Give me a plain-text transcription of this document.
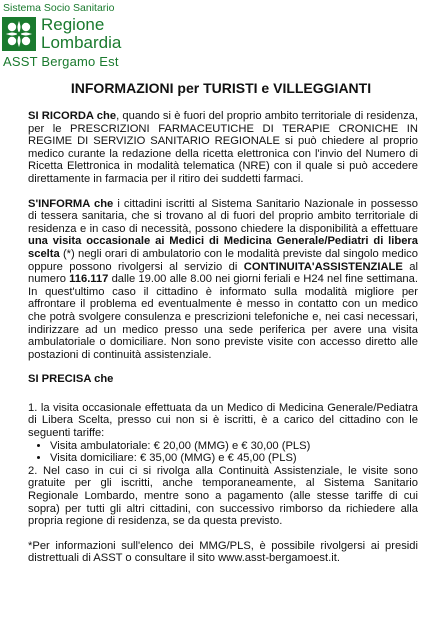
Sistema Socio Sanitario
Regione
Lombardia
ASST Bergamo Est
INFORMAZIONI per TURISTI e VILLEGGIANTI

SI RICORDA che, quando si è fuori del proprio ambito territoriale di residenza, per le PRESCRIZIONI FARMACEUTICHE DI TERAPIE CRONICHE IN REGIME DI SERVIZIO SANITARIO REGIONALE si può chiedere al proprio medico curante la redazione della ricetta elettronica con l'invio del Numero di Ricetta Elettronica in modalità telematica (NRE) con il quale si può accedere direttamente in farmacia per il ritiro dei suddetti farmaci.

S'INFORMA che i cittadini iscritti al Sistema Sanitario Nazionale in possesso di tessera sanitaria, che si trovano al di fuori del proprio ambito territoriale di residenza e in caso di necessità, possono chiedere la disponibilità a effettuare una visita occasionale ai Medici di Medicina Generale/Pediatri di libera scelta (*) negli orari di ambulatorio con le modalità previste dal singolo medico oppure possono rivolgersi al servizio di CONTINUITA'ASSISTENZIALE al numero 116.117 dalle 19.00 alle 8.00 nei giorni feriali e H24 nel fine settimana. In quest'ultimo caso il cittadino è informato sulla modalità migliore per affrontare il problema ed eventualmente è messo in contatto con un medico che potrà svolgere consulenza e prescrizioni telefoniche e, nei casi necessari, indirizzare ad un medico presso una sede periferica per avere una visita ambulatoriale o domiciliare. Non sono previste visite con accesso diretto alle postazioni di continuità assistenziale.

SI PRECISA che

1. la visita occasionale effettuata da un Medico di Medicina Generale/Pediatra di Libera Scelta, presso cui non si è iscritti, è a carico del cittadino con le seguenti tariffe:

• Visita ambulatoriale: € 20,00 (MMG) e € 30,00 (PLS)
• Visita domiciliare: € 35,00 (MMG) e € 45,00 (PLS)

2. Nel caso in cui ci si rivolga alla Continuità Assistenziale, le visite sono gratuite per gli iscritti, anche temporaneamente, al Sistema Sanitario Regionale Lombardo, mentre sono a pagamento (alle stesse tariffe di cui sopra) per tutti gli altri cittadini, con successivo rimborso da richiedere alla propria regione di residenza, se da questa previsto.

*Per informazioni sull'elenco dei MMG/PLS, è possibile rivolgersi ai presidi distrettuali di ASST o consultare il sito www.asst-bergamoest.it.
